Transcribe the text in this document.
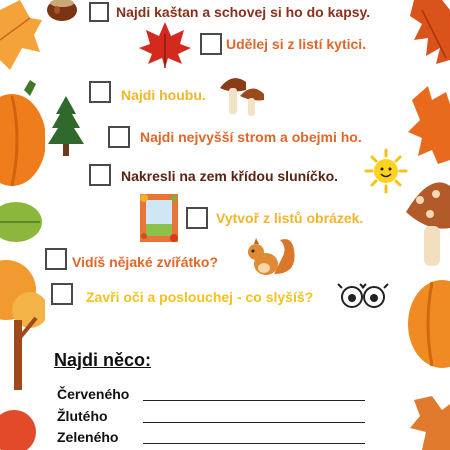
Najdi kaštan a schovej si ho do kapsy.
Udělej si z listí kytici.
Najdi houbu.
Najdi nejvyšší strom a obejmi ho.
Nakresli na zem křídou sluníčko.
Vytvoř z listů obrázek.
Vidíš nějaké zvířátko?
Zavři oči a poslouchej - co slyšíš?
Najdi něco:
Červeného
Žlutého
Zeleného
